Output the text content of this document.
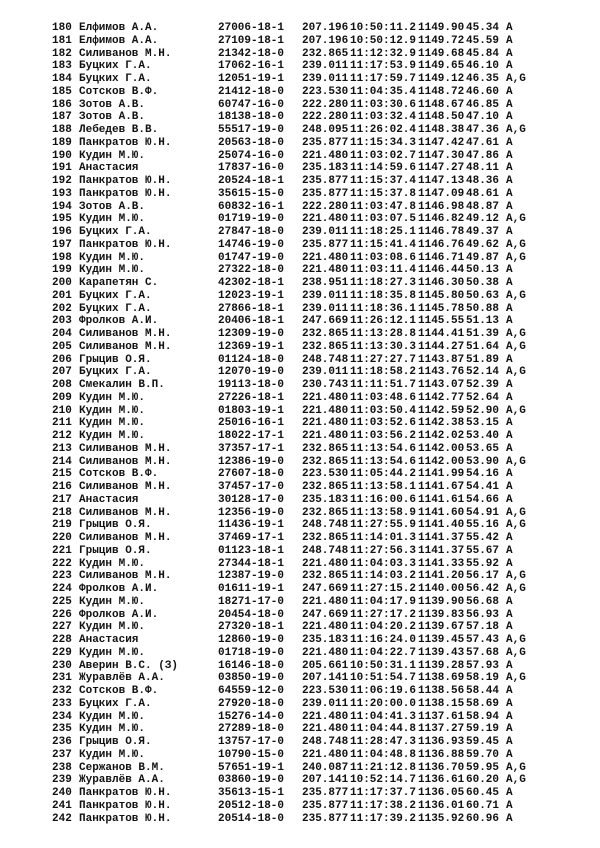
180 Елфимов А.А.	27006-18-1 207.196 10:50:11.2 1149.90 45.34 A
181 Елфимов А.А.	27109-18-1 207.196 10:50:12.9 1149.72 45.59 A
182 Силиванов М.Н.	21342-18-0 232.865 11:12:32.9 1149.68 45.84 A
183 Буцких Г.А.	17062-16-1 239.011 11:17:53.9 1149.65 46.10 A
184 Буцких Г.А.	12051-19-1 239.011 11:17:59.7 1149.12 46.35 A,G
185 Сотсков В.Ф.	21412-18-0 223.530 11:04:35.4 1148.72 46.60 A
186 Зотов А.В.	60747-16-0 222.280 11:03:30.6 1148.67 46.85 A
187 Зотов А.В.	18138-18-0 222.280 11:03:32.4 1148.50 47.10 A
188 Лебедев В.В.	55517-19-0 248.095 11:26:02.4 1148.38 47.36 A,G
189 Панкратов Ю.Н.	20563-18-0 235.877 11:15:34.3 1147.42 47.61 A
190 Кудин М.Ю.	25074-16-0 221.480 11:03:02.7 1147.30 47.86 A
191 Анастасия	17837-16-0 235.183 11:14:59.6 1147.27 48.11 A
192 Панкратов Ю.Н.	20524-18-1 235.877 11:15:37.4 1147.13 48.36 A
193 Панкратов Ю.Н.	35615-15-0 235.877 11:15:37.8 1147.09 48.61 A
194 Зотов А.В.	60832-16-1 222.280 11:03:47.8 1146.98 48.87 A
195 Кудин М.Ю.	01719-19-0 221.480 11:03:07.5 1146.82 49.12 A,G
196 Буцких Г.А.	27847-18-0 239.011 11:18:25.1 1146.78 49.37 A
197 Панкратов Ю.Н.	14746-19-0 235.877 11:15:41.4 1146.76 49.62 A,G
198 Кудин М.Ю.	01747-19-0 221.480 11:03:08.6 1146.71 49.87 A,G
199 Кудин М.Ю.	27322-18-0 221.480 11:03:11.4 1146.44 50.13 A
200 Карапетян С.	42302-18-1 238.951 11:18:27.3 1146.30 50.38 A
201 Буцких Г.А.	12023-19-1 239.011 11:18:35.8 1145.80 50.63 A,G
202 Буцких Г.А.	27866-18-1 239.011 11:18:36.1 1145.78 50.88 A
203 Фролков А.И.	20406-18-1 247.669 11:26:12.1 1145.55 51.13 A
204 Силиванов М.Н.	12309-19-0 232.865 11:13:28.8 1144.41 51.39 A,G
205 Силиванов М.Н.	12369-19-1 232.865 11:13:30.3 1144.27 51.64 A,G
206 Грыцив О.Я.	01124-18-0 248.748 11:27:27.7 1143.87 51.89 A
207 Буцких Г.А.	12070-19-0 239.011 11:18:58.2 1143.76 52.14 A,G
208 Смекалин В.П.	19113-18-0 230.743 11:11:51.7 1143.07 52.39 A
209 Кудин М.Ю.	27226-18-1 221.480 11:03:48.6 1142.77 52.64 A
210 Кудин М.Ю.	01803-19-1 221.480 11:03:50.4 1142.59 52.90 A,G
211 Кудин М.Ю.	25016-16-1 221.480 11:03:52.6 1142.38 53.15 A
212 Кудин М.Ю.	18022-17-1 221.480 11:03:56.2 1142.02 53.40 A
213 Силиванов М.Н.	37357-17-1 232.865 11:13:54.6 1142.00 53.65 A
214 Силиванов М.Н.	12386-19-0 232.865 11:13:54.6 1142.00 53.90 A,G
215 Сотсков В.Ф.	27607-18-0 223.530 11:05:44.2 1141.99 54.16 A
216 Силиванов М.Н.	37457-17-0 232.865 11:13:58.1 1141.67 54.41 A
217 Анастасия	30128-17-0 235.183 11:16:00.6 1141.61 54.66 A
218 Силиванов М.Н.	12356-19-0 232.865 11:13:58.9 1141.60 54.91 A,G
219 Грыцив О.Я.	11436-19-1 248.748 11:27:55.9 1141.40 55.16 A,G
220 Силиванов М.Н.	37469-17-1 232.865 11:14:01.3 1141.37 55.42 A
221 Грыцив О.Я.	01123-18-1 248.748 11:27:56.3 1141.37 55.67 A
222 Кудин М.Ю.	27344-18-1 221.480 11:04:03.3 1141.33 55.92 A
223 Силиванов М.Н.	12387-19-0 232.865 11:14:03.2 1141.20 56.17 A,G
224 Фролков А.И.	01611-19-1 247.669 11:27:15.2 1140.00 56.42 A,G
225 Кудин М.Ю.	18271-17-0 221.480 11:04:17.9 1139.90 56.68 A
226 Фролков А.И.	20454-18-0 247.669 11:27:17.2 1139.83 56.93 A
227 Кудин М.Ю.	27320-18-1 221.480 11:04:20.2 1139.67 57.18 A
228 Анастасия	12860-19-0 235.183 11:16:24.0 1139.45 57.43 A,G
229 Кудин М.Ю.	01718-19-0 221.480 11:04:22.7 1139.43 57.68 A,G
230 Аверин В.С. (З)	16146-18-0 205.661 10:50:31.1 1139.28 57.93 A
231 Журавлёв А.А.	03850-19-0 207.141 10:51:54.7 1138.69 58.19 A,G
232 Сотсков В.Ф.	64559-12-0 223.530 11:06:19.6 1138.56 58.44 A
233 Буцких Г.А.	27920-18-0 239.011 11:20:00.0 1138.15 58.69 A
234 Кудин М.Ю.	15276-14-0 221.480 11:04:41.3 1137.61 58.94 A
235 Кудин М.Ю.	27289-18-0 221.480 11:04:44.8 1137.27 59.19 A
236 Грыцив О.Я.	13757-17-0 248.748 11:28:47.3 1136.93 59.45 A
237 Кудин М.Ю.	10790-15-0 221.480 11:04:48.8 1136.88 59.70 A
238 Сержанов В.М.	57651-19-1 240.087 11:21:12.8 1136.70 59.95 A,G
239 Журавлёв А.А.	03860-19-0 207.141 10:52:14.7 1136.61 60.20 A,G
240 Панкратов Ю.Н.	35613-15-1 235.877 11:17:37.7 1136.05 60.45 A
241 Панкратов Ю.Н.	20512-18-0 235.877 11:17:38.2 1136.01 60.71 A
242 Панкратов Ю.Н.	20514-18-0 235.877 11:17:39.2 1135.92 60.96 A
